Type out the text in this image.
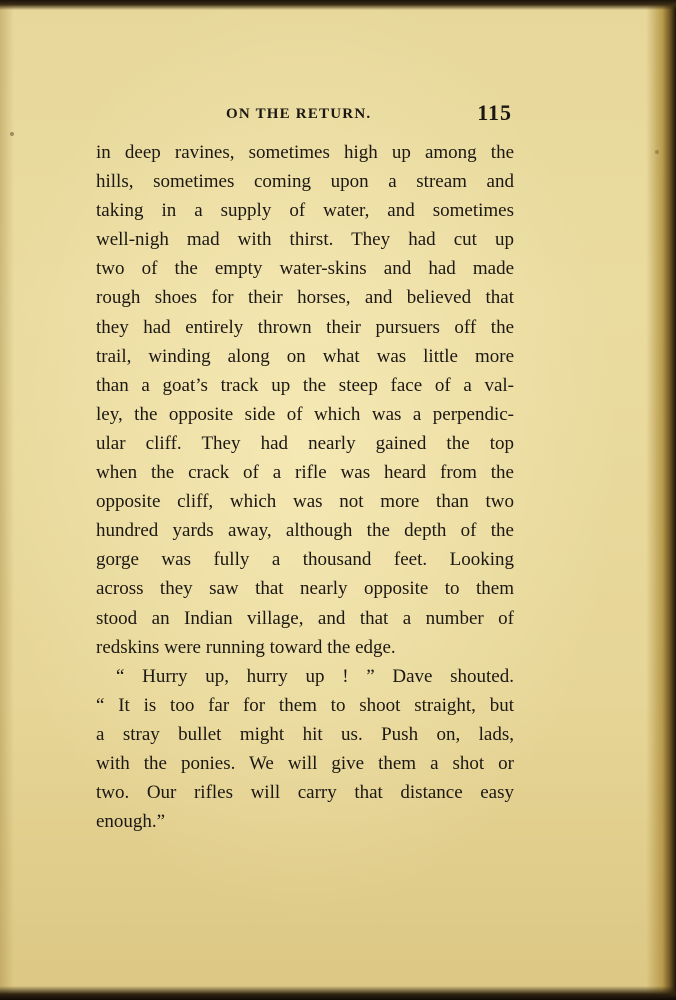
ON THE RETURN.	115
in deep ravines, sometimes high up among the
hills, sometimes coming upon a stream and
taking in a supply of water, and sometimes
well-nigh mad with thirst. They had cut up
two of the empty water-skins and had made
rough shoes for their horses, and believed that
they had entirely thrown their pursuers off the
trail, winding along on what was little more
than a goat’s track up the steep face of a val-
ley, the opposite side of which was a perpendic-
ular cliff. They had nearly gained the top
when the crack of a rifle was heard from the
opposite cliff, which was not more than two
hundred yards away, although the depth of the
gorge was fully a thousand feet. Looking
across they saw that nearly opposite to them
stood an Indian village, and that a number of
redskins were running toward the edge.
“ Hurry up, hurry up ! ” Dave shouted.
“ It is too far for them to shoot straight, but
a stray bullet might hit us. Push on, lads,
with the ponies. We will give them a shot or
two. Our rifles will carry that distance easy
enough.”
